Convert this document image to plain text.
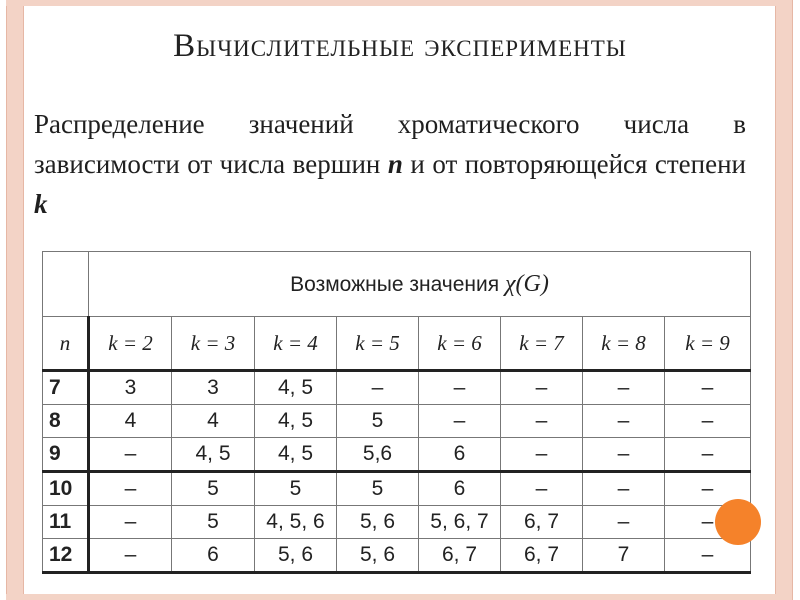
Вычислительные эксперименты
Распределение значений хроматического числа в зависимости от числа вершин n и от повторяющейся степени k
	Возможные значения χ(G)							
n	k = 2	k = 3	k = 4	k = 5	k = 6	k = 7	k = 8	k = 9
7	3	3	4, 5	–	–	–	–	–
8	4	4	4, 5	5	–	–	–	–
9	–	4, 5	4, 5	5,6	6	–	–	–
10	–	5	5	5	6	–	–	–
11	–	5	4, 5, 6	5, 6	5, 6, 7	6, 7	–	–
12	–	6	5, 6	5, 6	6, 7	6, 7	7	–
